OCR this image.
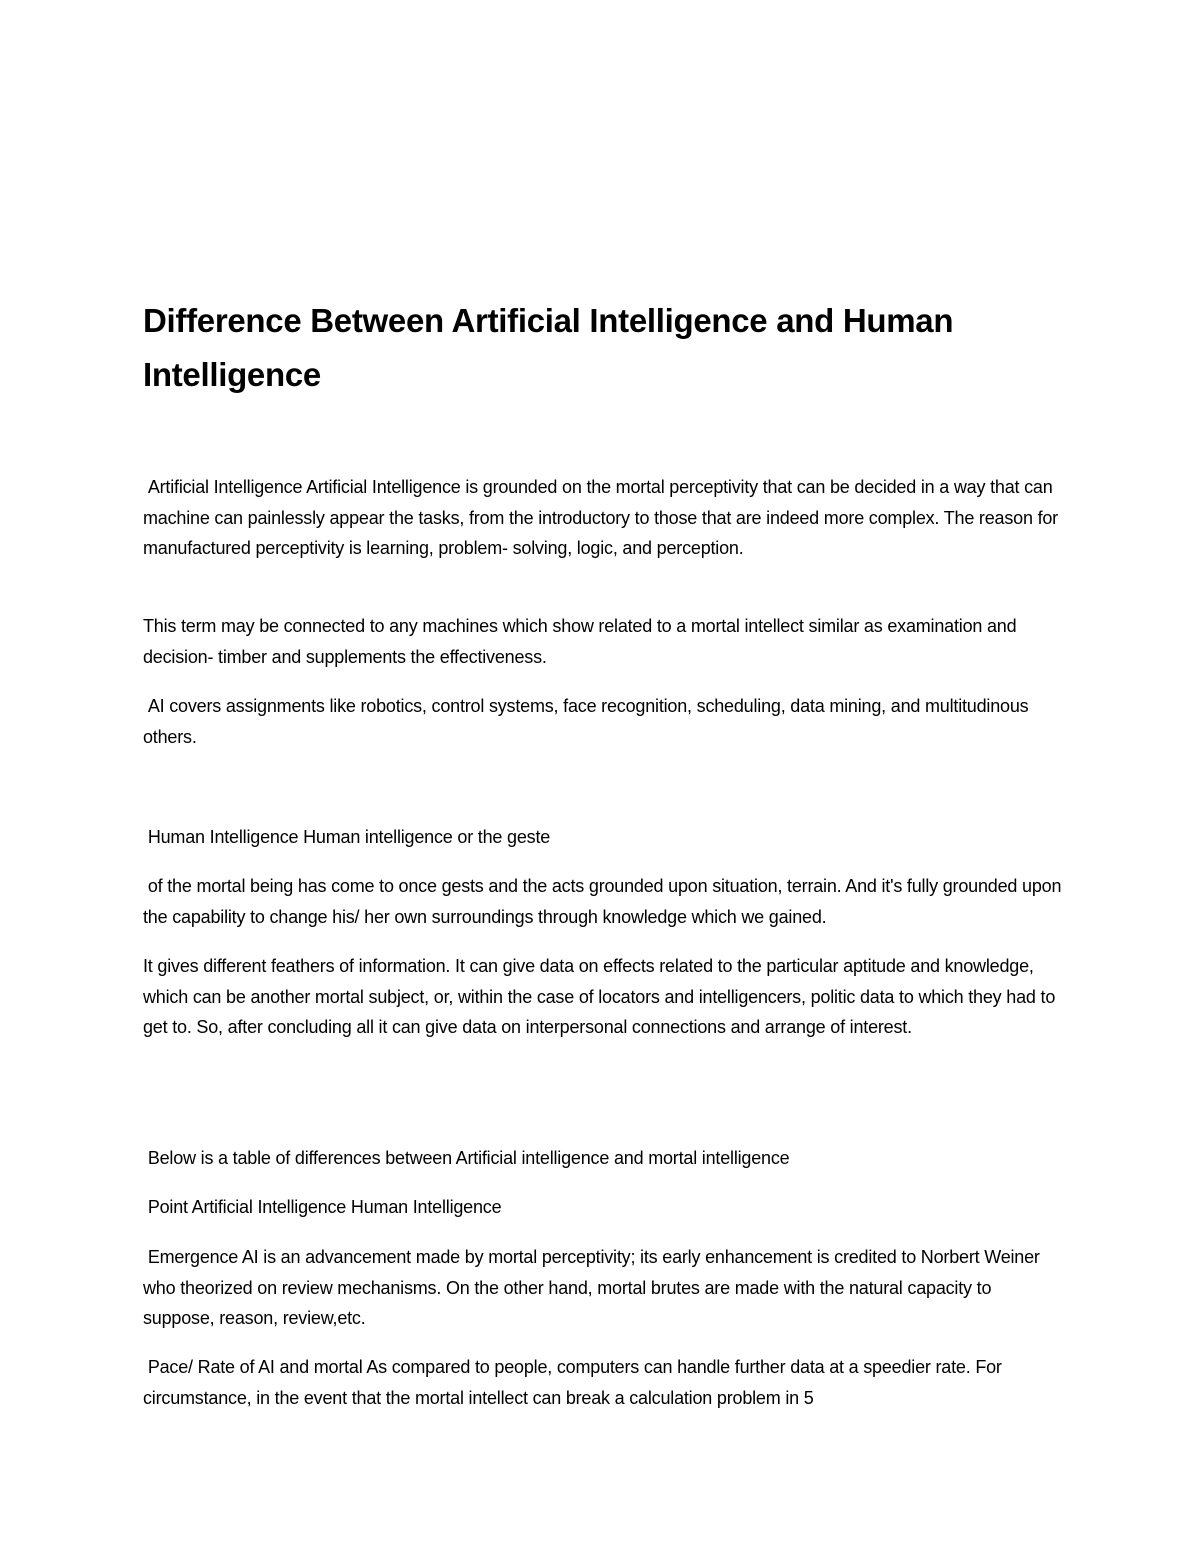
Difference Between Artificial Intelligence and Human Intelligence

Artificial Intelligence Artificial Intelligence is grounded on the mortal perceptivity that can be decided in a way that can machine can painlessly appear the tasks, from the introductory to those that are indeed more complex. The reason for manufactured perceptivity is learning, problem- solving, logic, and perception.

This term may be connected to any machines which show related to a mortal intellect similar as examination and decision- timber and supplements the effectiveness.

AI covers assignments like robotics, control systems, face recognition, scheduling, data mining, and multitudinous others.

Human Intelligence Human intelligence or the geste

of the mortal being has come to once gests and the acts grounded upon situation, terrain. And it's fully grounded upon the capability to change his/ her own surroundings through knowledge which we gained.

It gives different feathers of information. It can give data on effects related to the particular aptitude and knowledge, which can be another mortal subject, or, within the case of locators and intelligencers, politic data to which they had to get to. So, after concluding all it can give data on interpersonal connections and arrange of interest.

Below is a table of differences between Artificial intelligence and mortal intelligence

Point Artificial Intelligence Human Intelligence

Emergence AI is an advancement made by mortal perceptivity; its early enhancement is credited to Norbert Weiner who theorized on review mechanisms. On the other hand, mortal brutes are made with the natural capacity to suppose, reason, review,etc.

Pace/ Rate of AI and mortal As compared to people, computers can handle further data at a speedier rate. For circumstance, in the event that the mortal intellect can break a calculation problem in 5
